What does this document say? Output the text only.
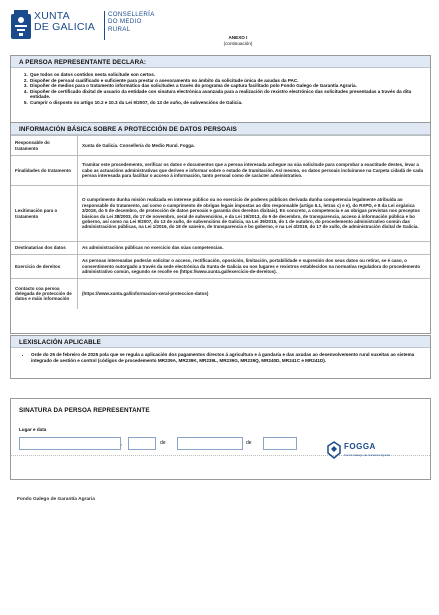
XUNTA
DE GALICIA
CONSELLERÍA
DO MEDIO
RURAL
ANEXO I
(continuación)
A PERSOA REPRESENTANTE DECLARA:
1. Que todos os datos contidos nesta solicitude son certos.
2. Dispoñer de persoal cualificado e suficiente para prestar o asesoramento no ámbito da solicitude única de axudas da PAC.
3. Dispoñer de medios para o tratamento informático das solicitudes a través do programa de captura facilitado polo Fondo Galego de Garantía Agraria.
4. Dispoñer de certificado dixital de usuario da entidade con sinatura electrónica avanzada para a realización do rexistro electrónico das solicitudes presentadas a través da dita entidade.
5. Cumprir o disposto no artigo 10.2 e 10.3 da Lei 9/2007, do 13 de xuño, de subvencións de Galicia.
INFORMACIÓN BÁSICA SOBRE A PROTECCIÓN DE DATOS PERSOAIS
Responsable do tratamento	Xunta de Galicia. Consellería do Medio Rural. Fogga.
Finalidades do tratamento	Tramitar este procedemento, verificar os datos e documentos que a persoa interesada achegue na súa solicitude para comprobar a exactitude destes, levar a cabo as actuacións administrativas que deriven e informar sobre o estado de tramitación. Así mesmo, os datos persoais incluiranse na Carpeta cidadá de cada persoa interesada para facilitar o acceso á información, tanto persoal como de carácter administrativo.
Lexitimación para o tratamento	O cumprimento dunha misión realizada en interese público ou no exercicio de poderes públicos derivada dunha competencia legalmente atribuída ao responsable do tratamento, así como o cumprimento de obrigas legais impostas ao dito responsable (artigo 6.1, letras c) e e), do RXPD, e 8 da Lei orgánica 3/2018, do 5 de decembro, de protección de datos persoais e garantía dos dereitos dixitais). En concreto, a competencia e as obrigas previstas nos preceptos básicos da Lei 38/2003, do 17 de novembro, xeral de subvencións, e da Lei 19/2013, do 9 de decembro, de transparencia, acceso á información pública e bo goberno, así como na Lei 9/2007, do 13 de xuño, de subvencións de Galicia, na Lei 39/2015, do 1 de outubro, do procedemento administrativo común das administracións públicas, na Lei 1/2016, do 18 de xaneiro, de transparencia e bo goberno, e na Lei 4/2019, do 17 de xullo, de administración dixital de Galicia.
Destinatarias dos datos	As administracións públicas no exercicio das súas competencias.
Exercicio de dereitos	As persoas interesadas poderán solicitar o acceso, rectificación, oposición, limitación, portabilidade e supresión dos seus datos ou retirar, se é caso, o consentimento outorgado a través da sede electrónica da Xunta de Galicia ou nos lugares e rexistros establecidos na normativa reguladora do procedemento administrativo común, segundo se recolle en (https://www.xunta.gal/exercicio-de-dereitos).
Contacto coa persoa delegada de protección de datos e máis información	(https://www.xunta.gal/informacion-xeral-proteccion-datos)
LEXISLACIÓN APLICABLE
• Orde do 25 de febreiro de 2025 pola que se regula a aplicación dos pagamentos directos á agricultura e á gandaría e das axudas ao desenvolvemento rural suxeitas ao sistema integrado de xestión e control (códigos de procedemento MR239A, MR239K, MR239L, MR239G, MR239Q, MR240D, MR241C e MR241D).
SINATURA DA PERSOA REPRESENTANTE
Lugar e data
,	de	de	FOGGA
Fondo Galego de Garantía Agraria
Fondo Galego de Garantía Agraria
